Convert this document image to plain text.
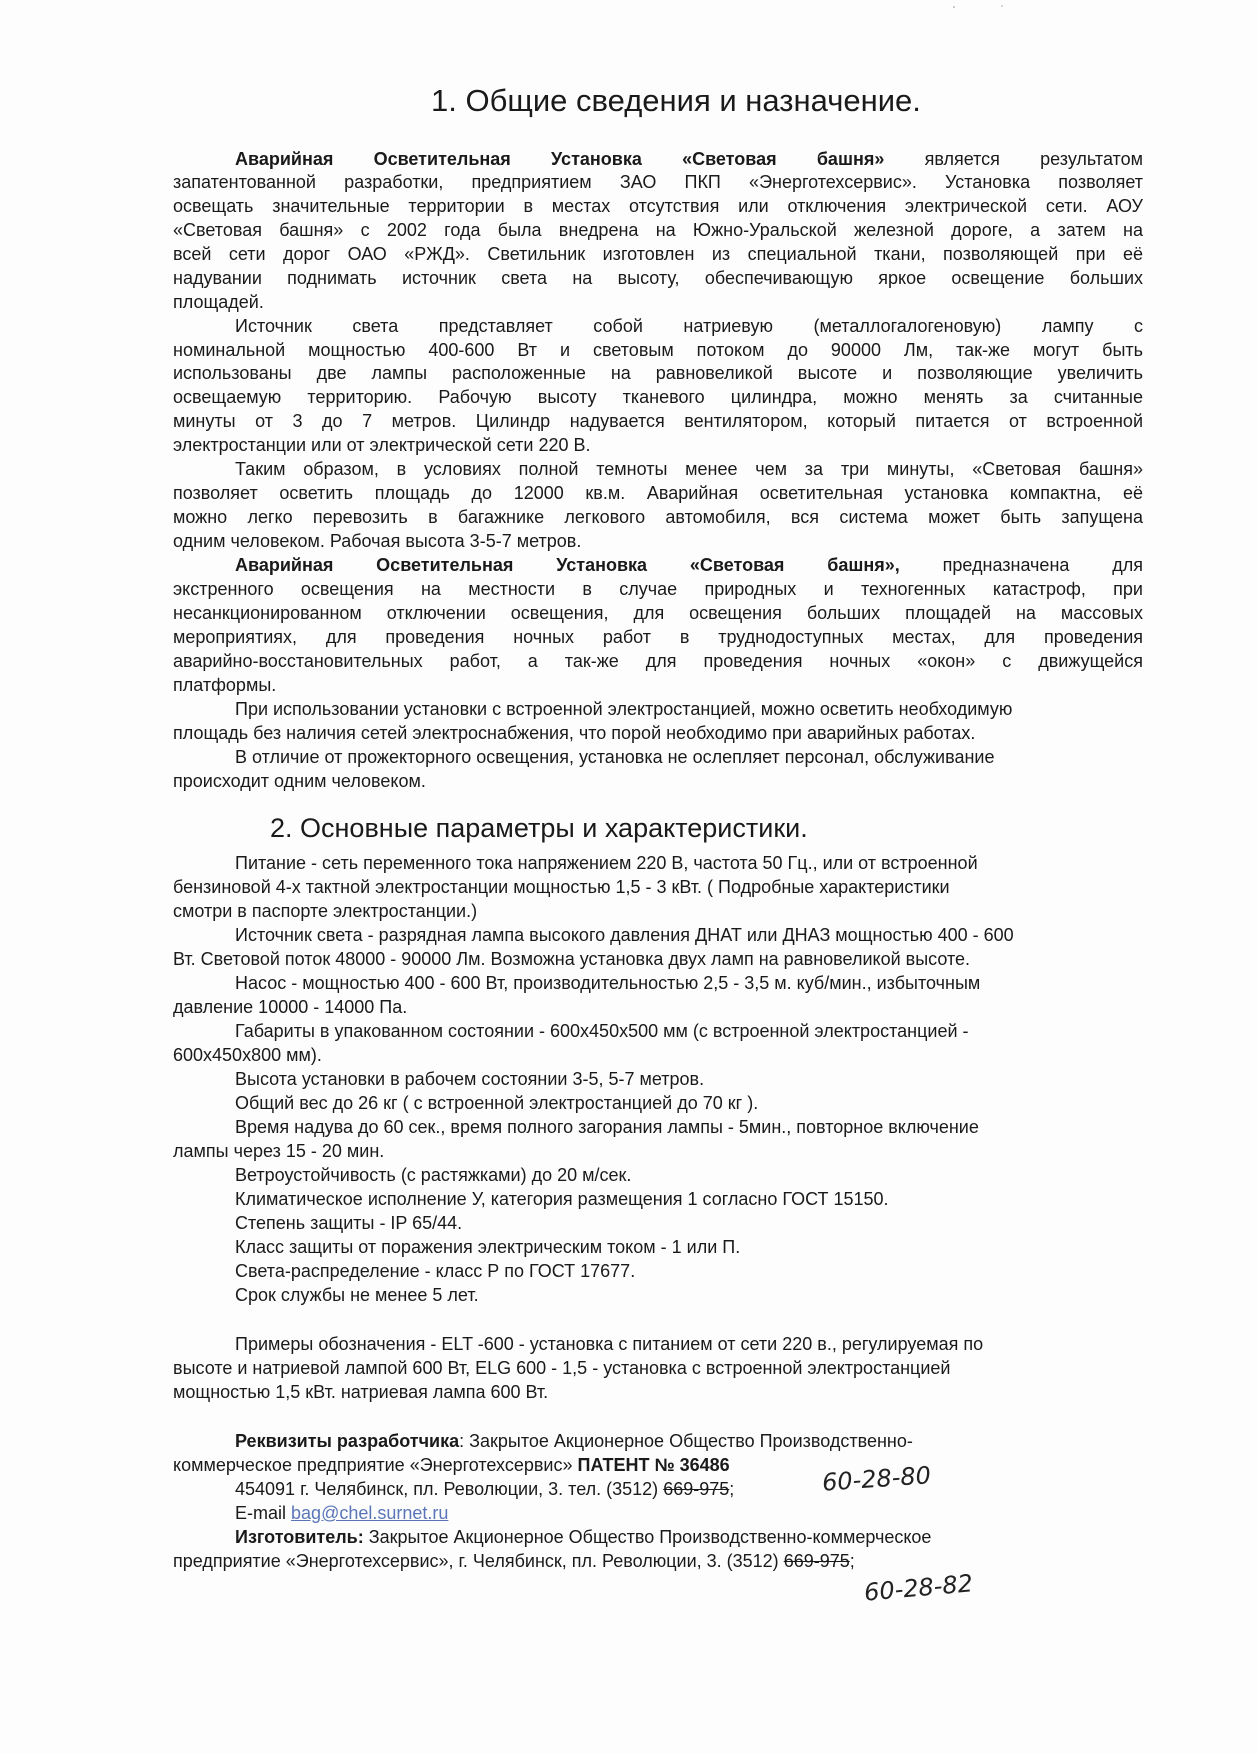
1. Общие сведения и назначение.
Аварийная Осветительная Установка «Световая башня» является результатом
запатентованной разработки, предприятием ЗАО ПКП «Энерготехсервис». Установка позволяет
освещать значительные территории в местах отсутствия или отключения электрической сети. АОУ
«Световая башня» с 2002 года была внедрена на Южно-Уральской железной дороге, а затем на
всей сети дорог ОАО «РЖД». Светильник изготовлен из специальной ткани, позволяющей при её
надувании поднимать источник света на высоту, обеспечивающую яркое освещение больших
площадей.
Источник света представляет собой натриевую (металлогалогеновую) лампу с
номинальной мощностью 400-600 Вт и световым потоком до 90000 Лм, так-же могут быть
использованы две лампы расположенные на равновеликой высоте и позволяющие увеличить
освещаемую территорию. Рабочую высоту тканевого цилиндра, можно менять за считанные
минуты от 3 до 7 метров. Цилиндр надувается вентилятором, который питается от встроенной
электростанции или от электрической сети 220 В.
Таким образом, в условиях полной темноты менее чем за три минуты, «Световая башня»
позволяет осветить площадь до 12000 кв.м. Аварийная осветительная установка компактна, её
можно легко перевозить в багажнике легкового автомобиля, вся система может быть запущена
одним человеком. Рабочая высота 3-5-7 метров.
Аварийная Осветительная Установка «Световая башня», предназначена для
экстренного освещения на местности в случае природных и техногенных катастроф, при
несанкционированном отключении освещения, для освещения больших площадей на массовых
мероприятиях, для проведения ночных работ в труднодоступных местах, для проведения
аварийно-восстановительных работ, а так-же для проведения ночных «окон» с движущейся
платформы.
При использовании установки с встроенной электростанцией, можно осветить необходимую
площадь без наличия сетей электроснабжения, что порой необходимо при аварийных работах.
В отличие от прожекторного освещения, установка не ослепляет персонал, обслуживание
происходит одним человеком.
2. Основные параметры и характеристики.
Питание - сеть переменного тока напряжением 220 В, частота 50 Гц., или от встроенной
бензиновой 4-х тактной электростанции мощностью 1,5 - 3 кВт. ( Подробные характеристики
смотри в паспорте электростанции.)
Источник света - разрядная лампа высокого давления ДНАТ или ДНАЗ мощностью 400 - 600
Вт. Световой поток 48000 - 90000 Лм. Возможна установка двух ламп на равновеликой высоте.
Насос - мощностью 400 - 600 Вт, производительностью 2,5 - 3,5 м. куб/мин., избыточным
давление 10000 - 14000 Па.
Габариты в упакованном состоянии - 600х450х500 мм (с встроенной электростанцией -
600х450х800 мм).
Высота установки в рабочем состоянии 3-5, 5-7 метров.
Общий вес до 26 кг ( с встроенной электростанцией до 70 кг ).
Время надува до 60 сек., время полного загорания лампы - 5мин., повторное включение
лампы через 15 - 20 мин.
Ветроустойчивость (с растяжками) до 20 м/сек.
Климатическое исполнение У, категория размещения 1 согласно ГОСТ 15150.
Степень защиты - IP 65/44.
Класс защиты от поражения электрическим током - 1 или П.
Света-распределение - класс Р по ГОСТ 17677.
Срок службы не менее 5 лет.
Примеры обозначения - ELT -600 - установка с питанием от сети 220 в., регулируемая по
высоте и натриевой лампой 600 Вт, ELG 600 - 1,5 - установка с встроенной электростанцией
мощностью 1,5 кВт. натриевая лампа 600 Вт.
Реквизиты разработчика: Закрытое Акционерное Общество Производственно-
коммерческое предприятие «Энерготехсервис» ПАТЕНТ № 36486
454091 г. Челябинск, пл. Революции, 3. тел. (3512) 669-975;	60-28-80
E-mail bag@chel.surnet.ru
Изготовитель: Закрытое Акционерное Общество Производственно-коммерческое
предприятие «Энерготехсервис», г. Челябинск, пл. Революции, 3. (3512) 669-975;
60-28-82
